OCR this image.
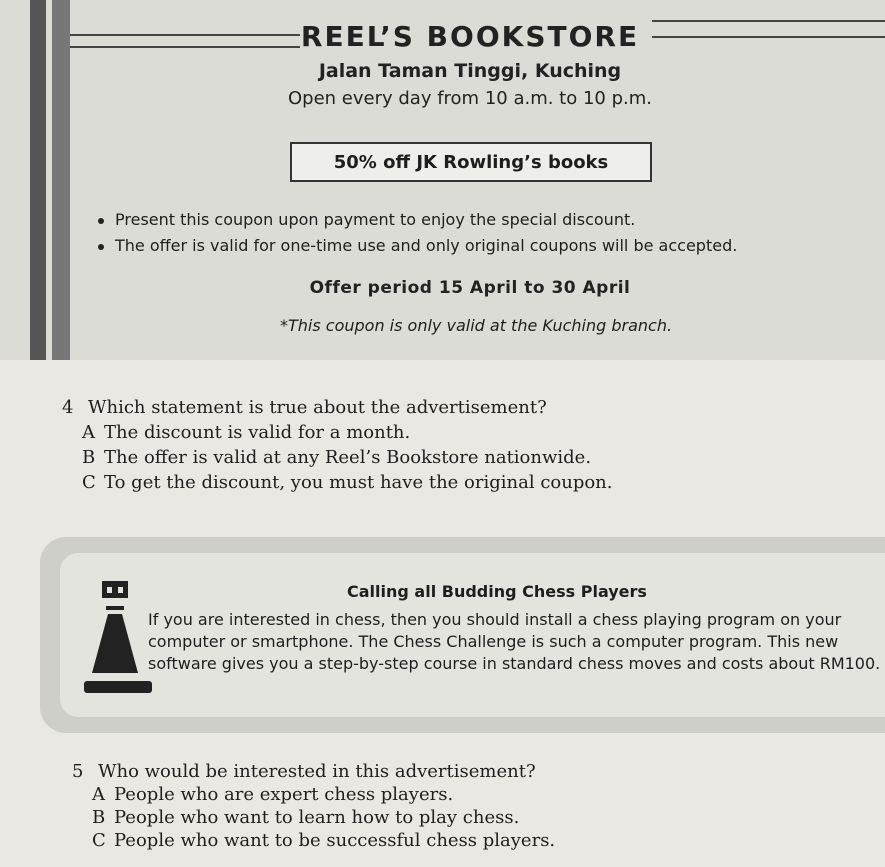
REEL’S BOOKSTORE
Jalan Taman Tinggi, Kuching
Open every day from 10 a.m. to 10 p.m.
50% off JK Rowling’s books
Present this coupon upon payment to enjoy the special discount.
The offer is valid for one-time use and only original coupons will be accepted.
Offer period 15 April to 30 April
*This coupon is only valid at the Kuching branch.
4 Which statement is true about the advertisement?
A The discount is valid for a month.
B The offer is valid at any Reel’s Bookstore nationwide.
C To get the discount, you must have the original coupon.
Calling all Budding Chess Players

If you are interested in chess, then you should install a chess playing program on your computer or smartphone. The Chess Challenge is such a computer program. This new software gives you a step-by-step course in standard chess moves and costs about RM100.

5 Who would be interested in this advertisement?
A People who are expert chess players.
B People who want to learn how to play chess.
C People who want to be successful chess players.
